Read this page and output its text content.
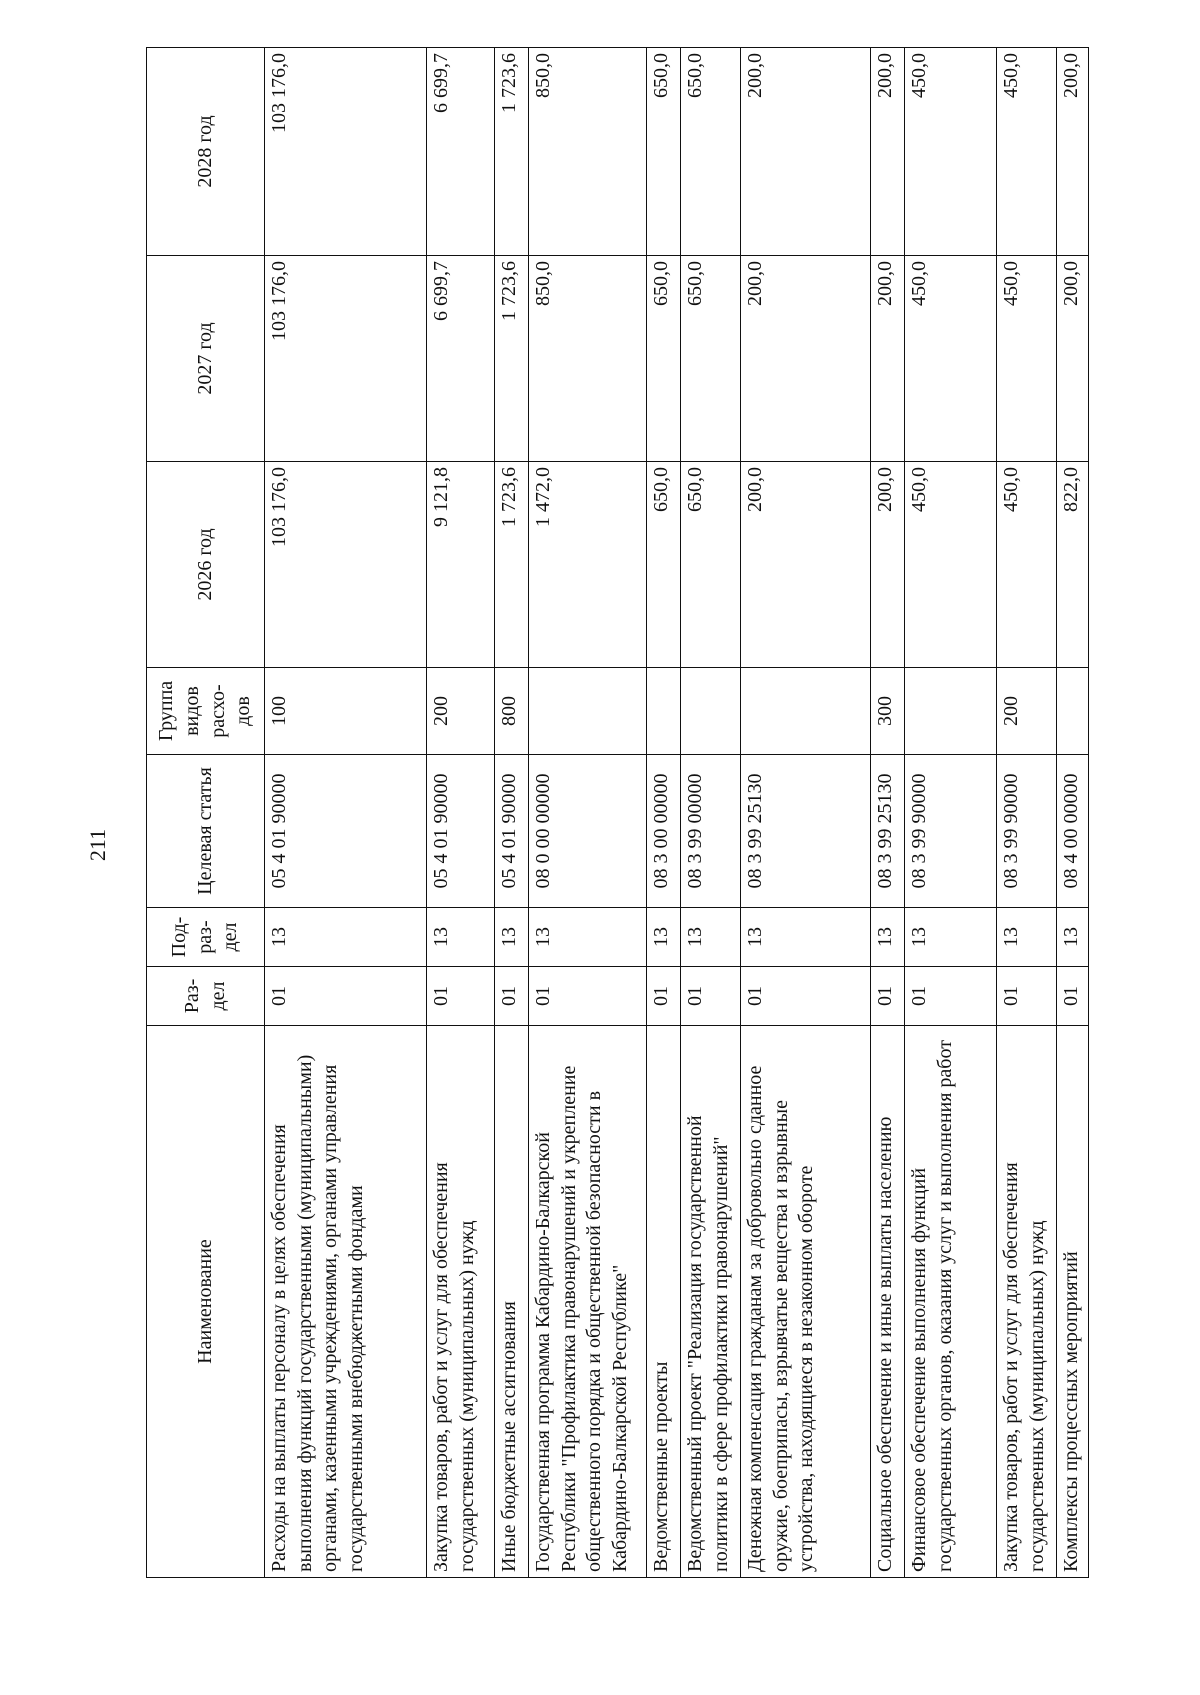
211
Наименование	Раз-дел	Под-раз-дел	Целевая статья	Группа видов расхо-дов	2026 год	2027 год	2028 год
Расходы на выплаты персоналу в целях обеспечения выполнения функций государственными (муниципальными) органами, казенными учреждениями, органами управления государственными внебюджетными фондами	01	13	05 4 01 90000	100	103 176,0	103 176,0	103 176,0
Закупка товаров, работ и услуг для обеспечения государственных (муниципальных) нужд	01	13	05 4 01 90000	200	9 121,8	6 699,7	6 699,7
Иные бюджетные ассигнования	01	13	05 4 01 90000	800	1 723,6	1 723,6	1 723,6
Государственная программа Кабардино-Балкарской Республики "Профилактика правонарушений и укрепление общественного порядка и общественной безопасности в Кабардино-Балкарской Республике"	01	13	08 0 00 00000		1 472,0	850,0	850,0
Ведомственные проекты	01	13	08 3 00 00000		650,0	650,0	650,0
Ведомственный проект "Реализация государственной политики в сфере профилактики правонарушений"	01	13	08 3 99 00000		650,0	650,0	650,0
Денежная компенсация гражданам за добровольно сданное оружие, боеприпасы, взрывчатые вещества и взрывные устройства, находящиеся в незаконном обороте	01	13	08 3 99 25130		200,0	200,0	200,0
Социальное обеспечение и иные выплаты населению	01	13	08 3 99 25130	300	200,0	200,0	200,0
Финансовое обеспечение выполнения функций государственных органов, оказания услуг и выполнения работ	01	13	08 3 99 90000		450,0	450,0	450,0
Закупка товаров, работ и услуг для обеспечения государственных (муниципальных) нужд	01	13	08 3 99 90000	200	450,0	450,0	450,0
Комплексы процессных мероприятий	01	13	08 4 00 00000		822,0	200,0	200,0
